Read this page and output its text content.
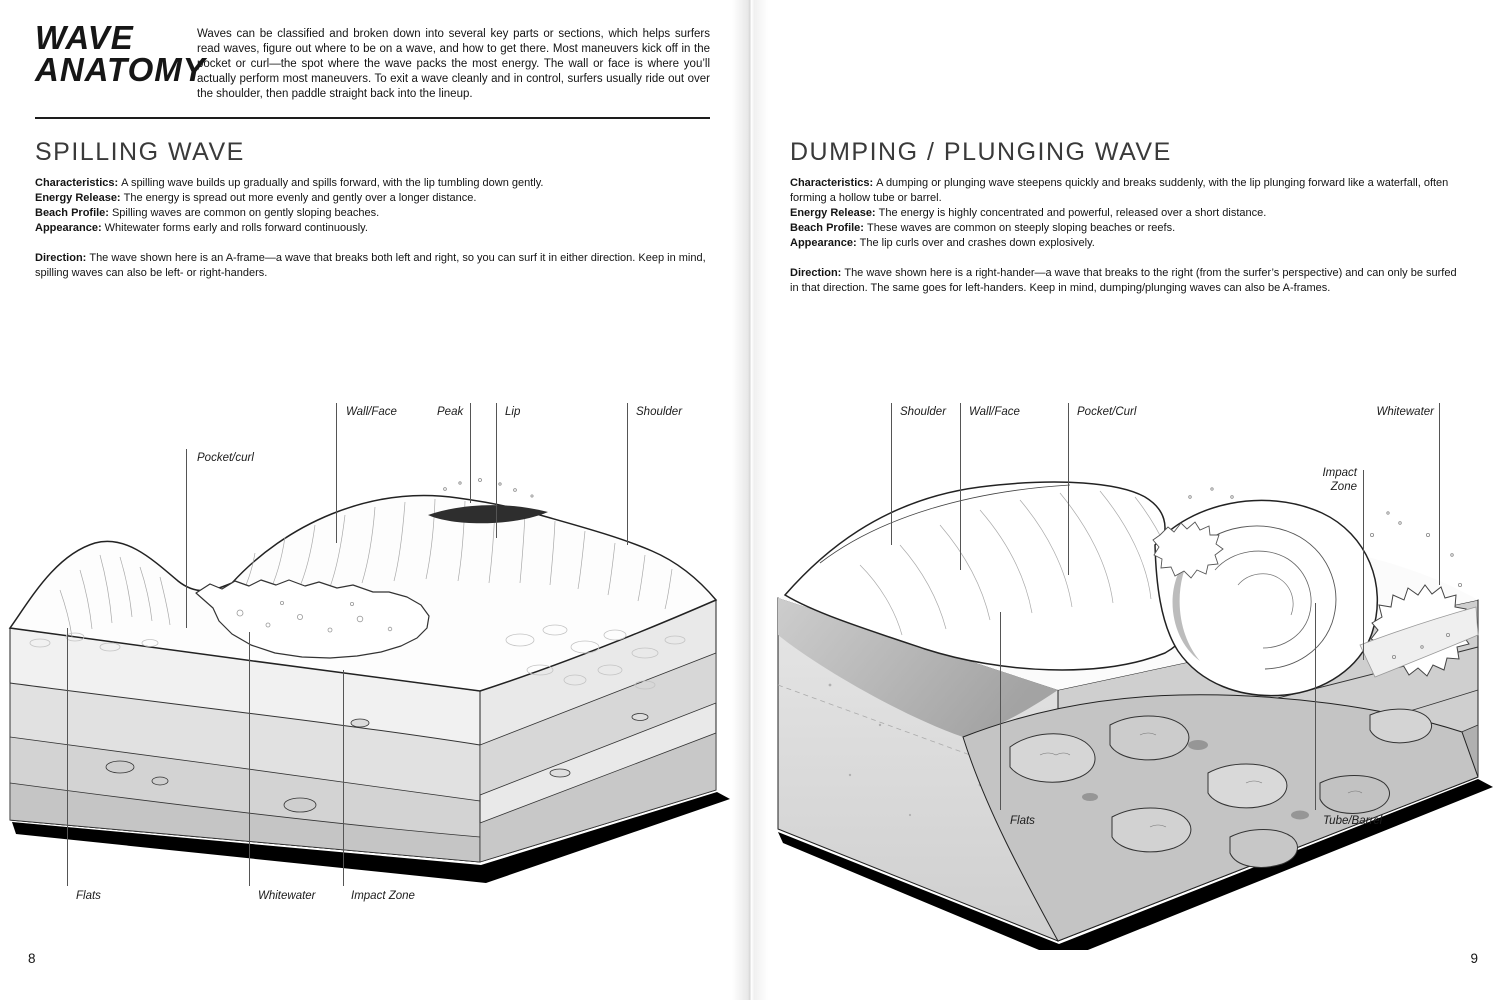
WAVE
ANATOMY
Waves can be classified and broken down into several key parts or sections, which helps surfers read waves, figure out where to be on a wave, and how to get there. Most maneuvers kick off in the pocket or curl—the spot where the wave packs the most energy. The wall or face is where you’ll actually perform most maneuvers. To exit a wave cleanly and in control, surfers usually ride out over the shoulder, then paddle straight back into the lineup.
SPILLING WAVE
Characteristics: A spilling wave builds up gradually and spills forward, with the lip tumbling down gently.
Energy Release: The energy is spread out more evenly and gently over a longer distance.
Beach Profile: Spilling waves are common on gently sloping beaches.
Appearance: Whitewater forms early and rolls forward continuously.
Direction: The wave shown here is an A-frame—a wave that breaks both left and right, so you can surf it in either direction. Keep in mind, spilling waves can also be left- or right-handers.
Wall/Face	Peak	Lip	Shoulder
Pocket/curl
Flats	Whitewater	Impact Zone
8
DUMPING / PLUNGING WAVE
Characteristics: A dumping or plunging wave steepens quickly and breaks suddenly, with the lip plunging forward like a waterfall, often forming a hollow tube or barrel.
Energy Release: The energy is highly concentrated and powerful, released over a short distance.
Beach Profile: These waves are common on steeply sloping beaches or reefs.
Appearance: The lip curls over and crashes down explosively.
Direction: The wave shown here is a right-hander—a wave that breaks to the right (from the surfer’s perspective) and can only be surfed in that direction. The same goes for left-handers. Keep in mind, dumping/plunging waves can also be A-frames.
Shoulder Wall/Face	Pocket/Curl	Whitewater
Impact
Zone
Flats	Tube/Barrel
9
